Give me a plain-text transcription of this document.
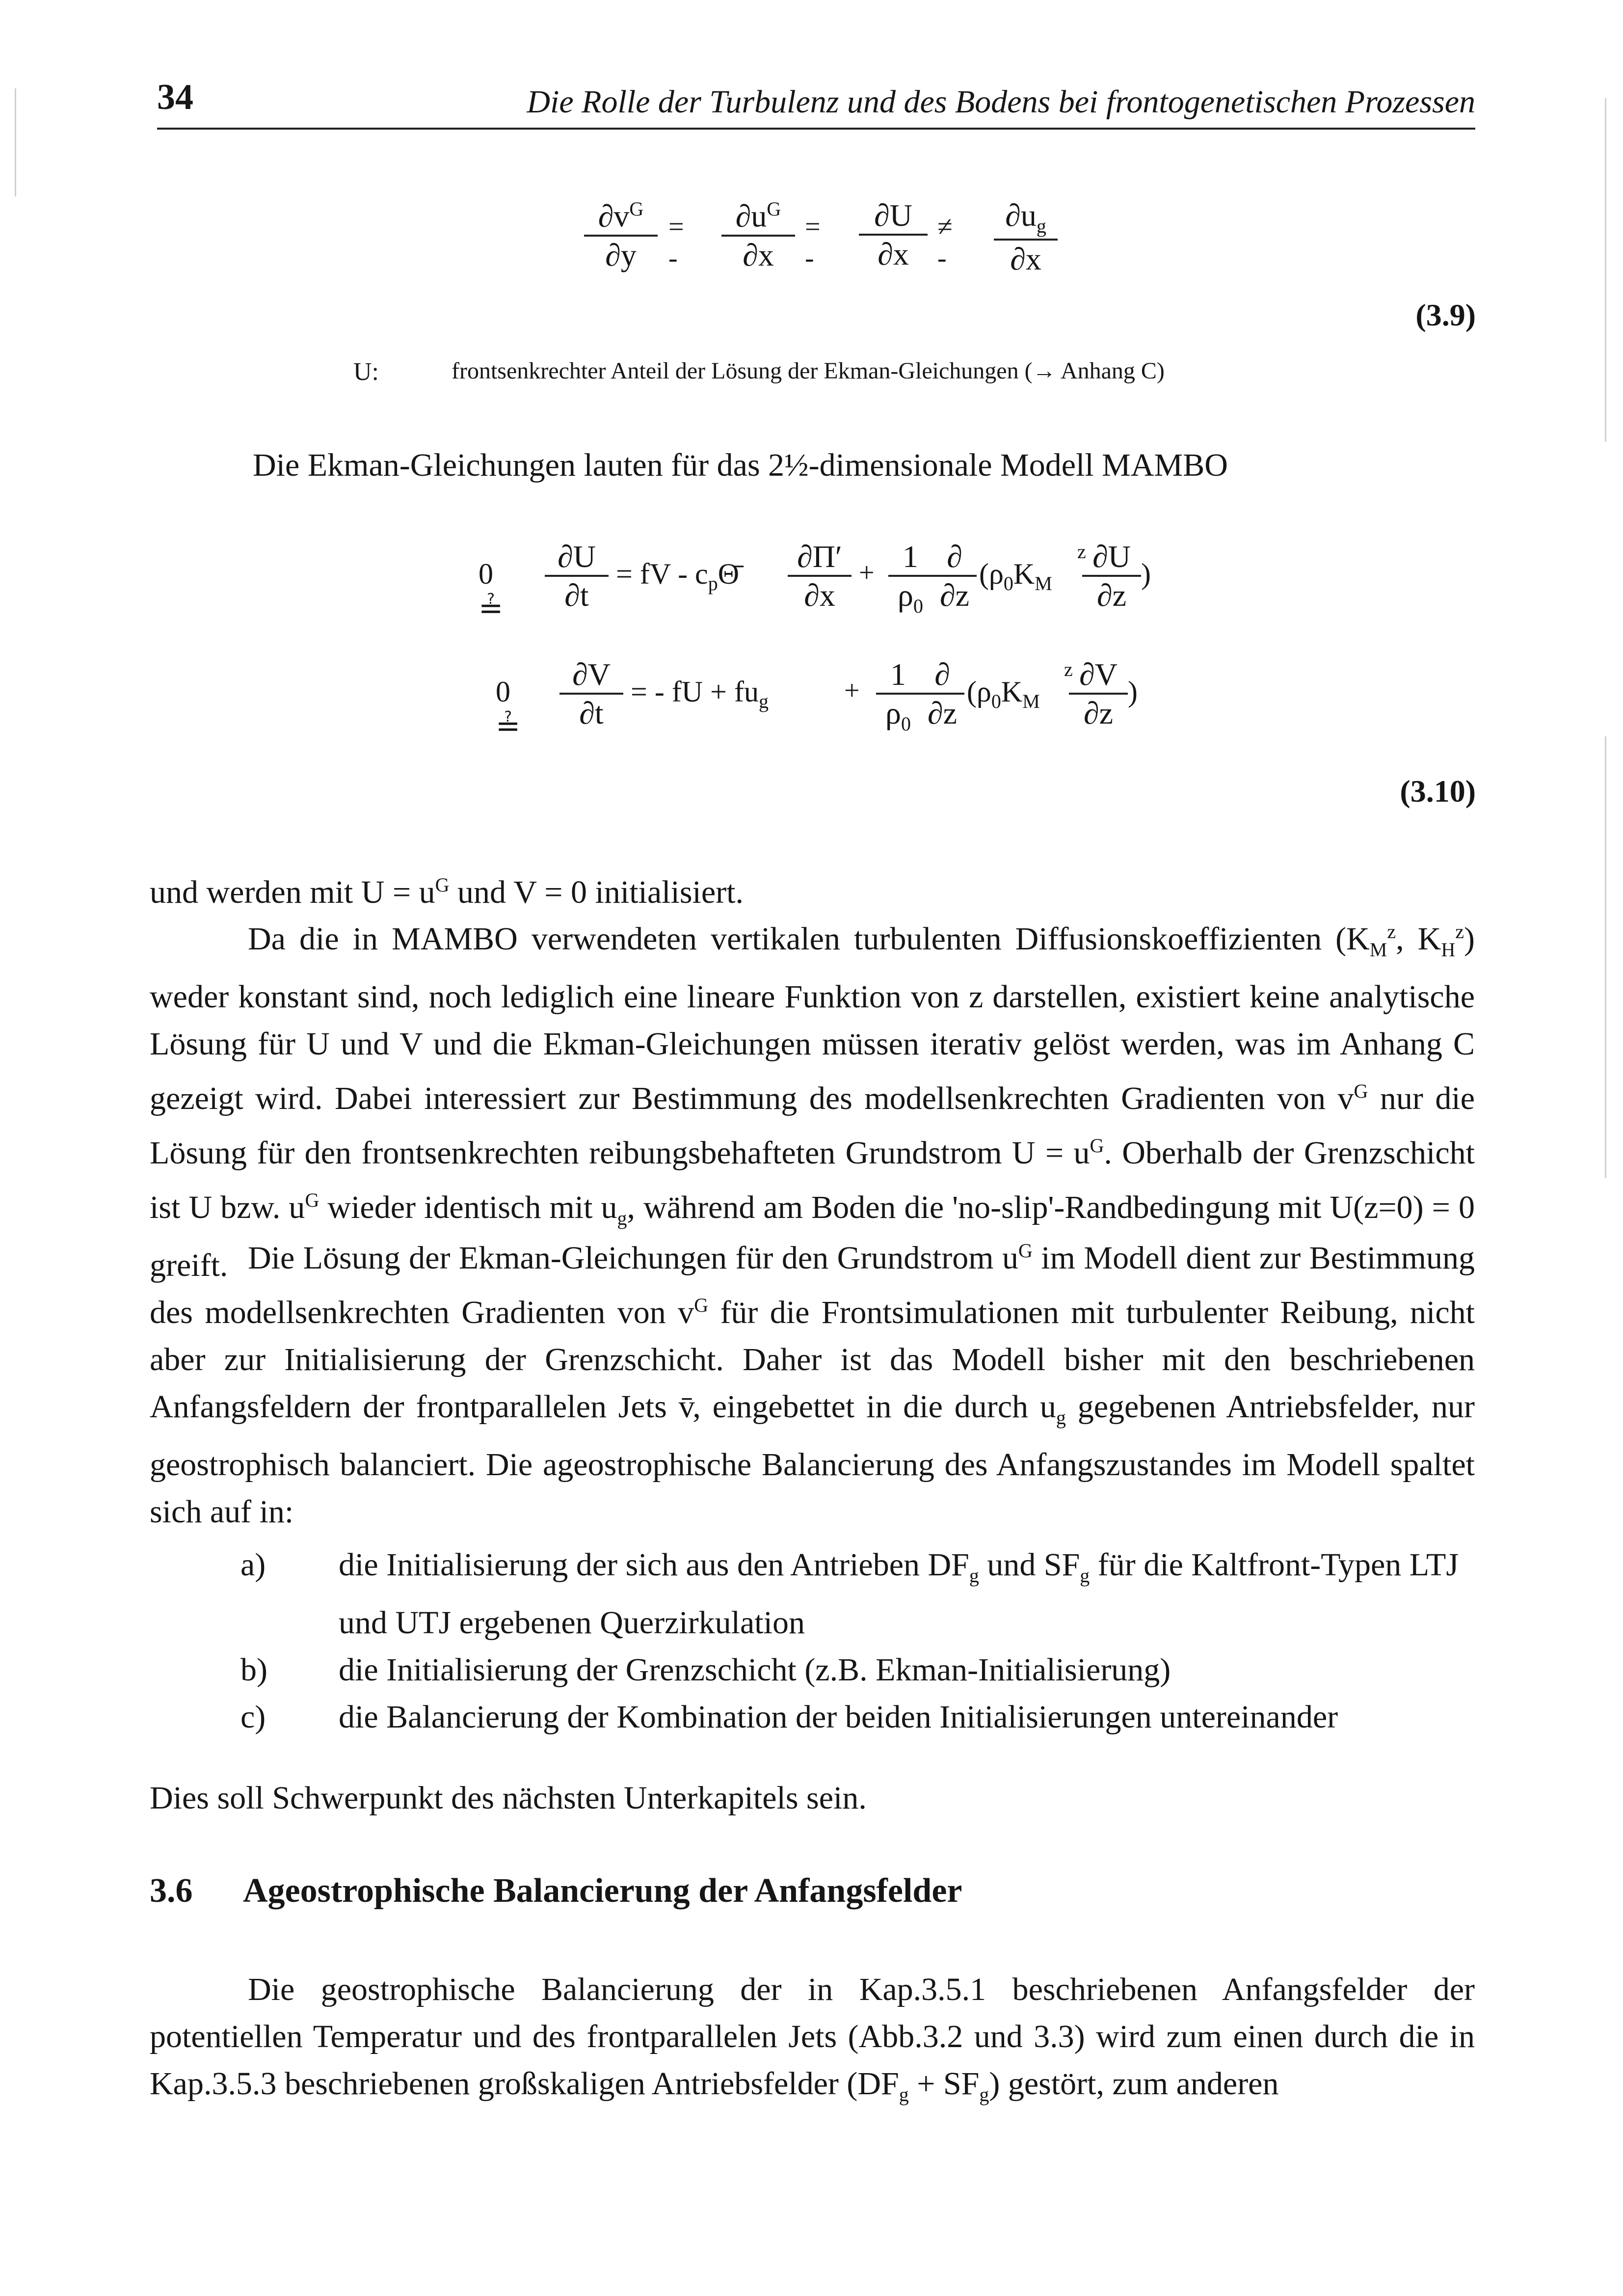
34	Die Rolle der Turbulenz und des Bodens bei frontogenetischen Prozessen
$\frac{\partial v^G}{\partial y}$ = - $\frac{\partial u^G}{\partial x}$ = - $\frac{\partial U}{\partial x}$ ≠ - $\frac{\partial u_g}{\partial x}$
(3.9)
U:	frontsenkrechter Anteil der Lösung der Ekman-Gleichungen (→ Anhang C)
Die Ekman-Gleichungen lauten für das 2½-dimensionale Modell MAMBO
0 ≟ $\frac{\partial U}{\partial t}$ = fV - $c_p\Thetā \frac{\partial\Pi'}{\partial x} + \frac{1}{\rho_0}$ ∂
∂z
($\rho_0K_M$
z
$\frac{\partial U}{\partial z}$ )
0 ≟ $\frac{\partial V}{\partial t}$ = - fU + $fu_g$	+ $\frac{1}{\rho_0}$ ∂
∂z
($\rho_0K_M$
z
$\frac{\partial V}{\partial z}$ )
(3.10)
und werden mit $U = u^G$ und V = 0 initialisiert.
Da die in MAMBO verwendeten vertikalen turbulenten Diffusionskoeffizienten ($K_M^z$, $K_H^z$) weder konstant sind, noch lediglich eine lineare Funktion von z darstellen, existiert keine analytische Lösung für U und V und die Ekman-Gleichungen müssen iterativ gelöst werden, was im Anhang C gezeigt wird. Dabei interessiert zur Bestimmung des modellsenkrechten Gradienten von $v^G$ nur die Lösung für den frontsenkrechten reibungsbehafteten Grundstrom $U = u^G$. Oberhalb der Grenzschicht ist U bzw. $u^G$ wieder identisch mit $u_g$, während am Boden die 'no-slip'-Randbedingung mit U(z=0) = 0 greift. Die Lösung der Ekman-Gleichungen für den Grundstrom $u^G$ im Modell dient zur Bestimmung des modellsenkrechten Gradienten von $v^G$ für die Frontsimulationen mit turbulenter Reibung, nicht aber zur Initialisierung der Grenzschicht. Daher ist das Modell bisher mit den beschriebenen Anfangsfeldern der frontparallelen Jets v̄, eingebettet in die durch $u_g$ gegebenen Antriebsfelder, nur geostrophisch balanciert. Die ageostrophische Balancierung des Anfangszustandes im Modell spaltet sich auf in:
a) die Initialisierung der sich aus den Antrieben $DF_g$ und $SF_g$ für die Kaltfront-Typen LTJ und UTJ ergebenen Querzirkulation
b) die Initialisierung der Grenzschicht (z.B. Ekman-Initialisierung)
c) die Balancierung der Kombination der beiden Initialisierungen untereinander
Dies soll Schwerpunkt des nächsten Unterkapitels sein.
3.6 Ageostrophische Balancierung der Anfangsfelder
Die geostrophische Balancierung der in Kap.3.5.1 beschriebenen Anfangsfelder der potentiellen Temperatur und des frontparallelen Jets (Abb.3.2 und 3.3) wird zum einen durch die in Kap.3.5.3 beschriebenen großskaligen Antriebsfelder $(DF_g + SF_g)$ gestört, zum anderen
